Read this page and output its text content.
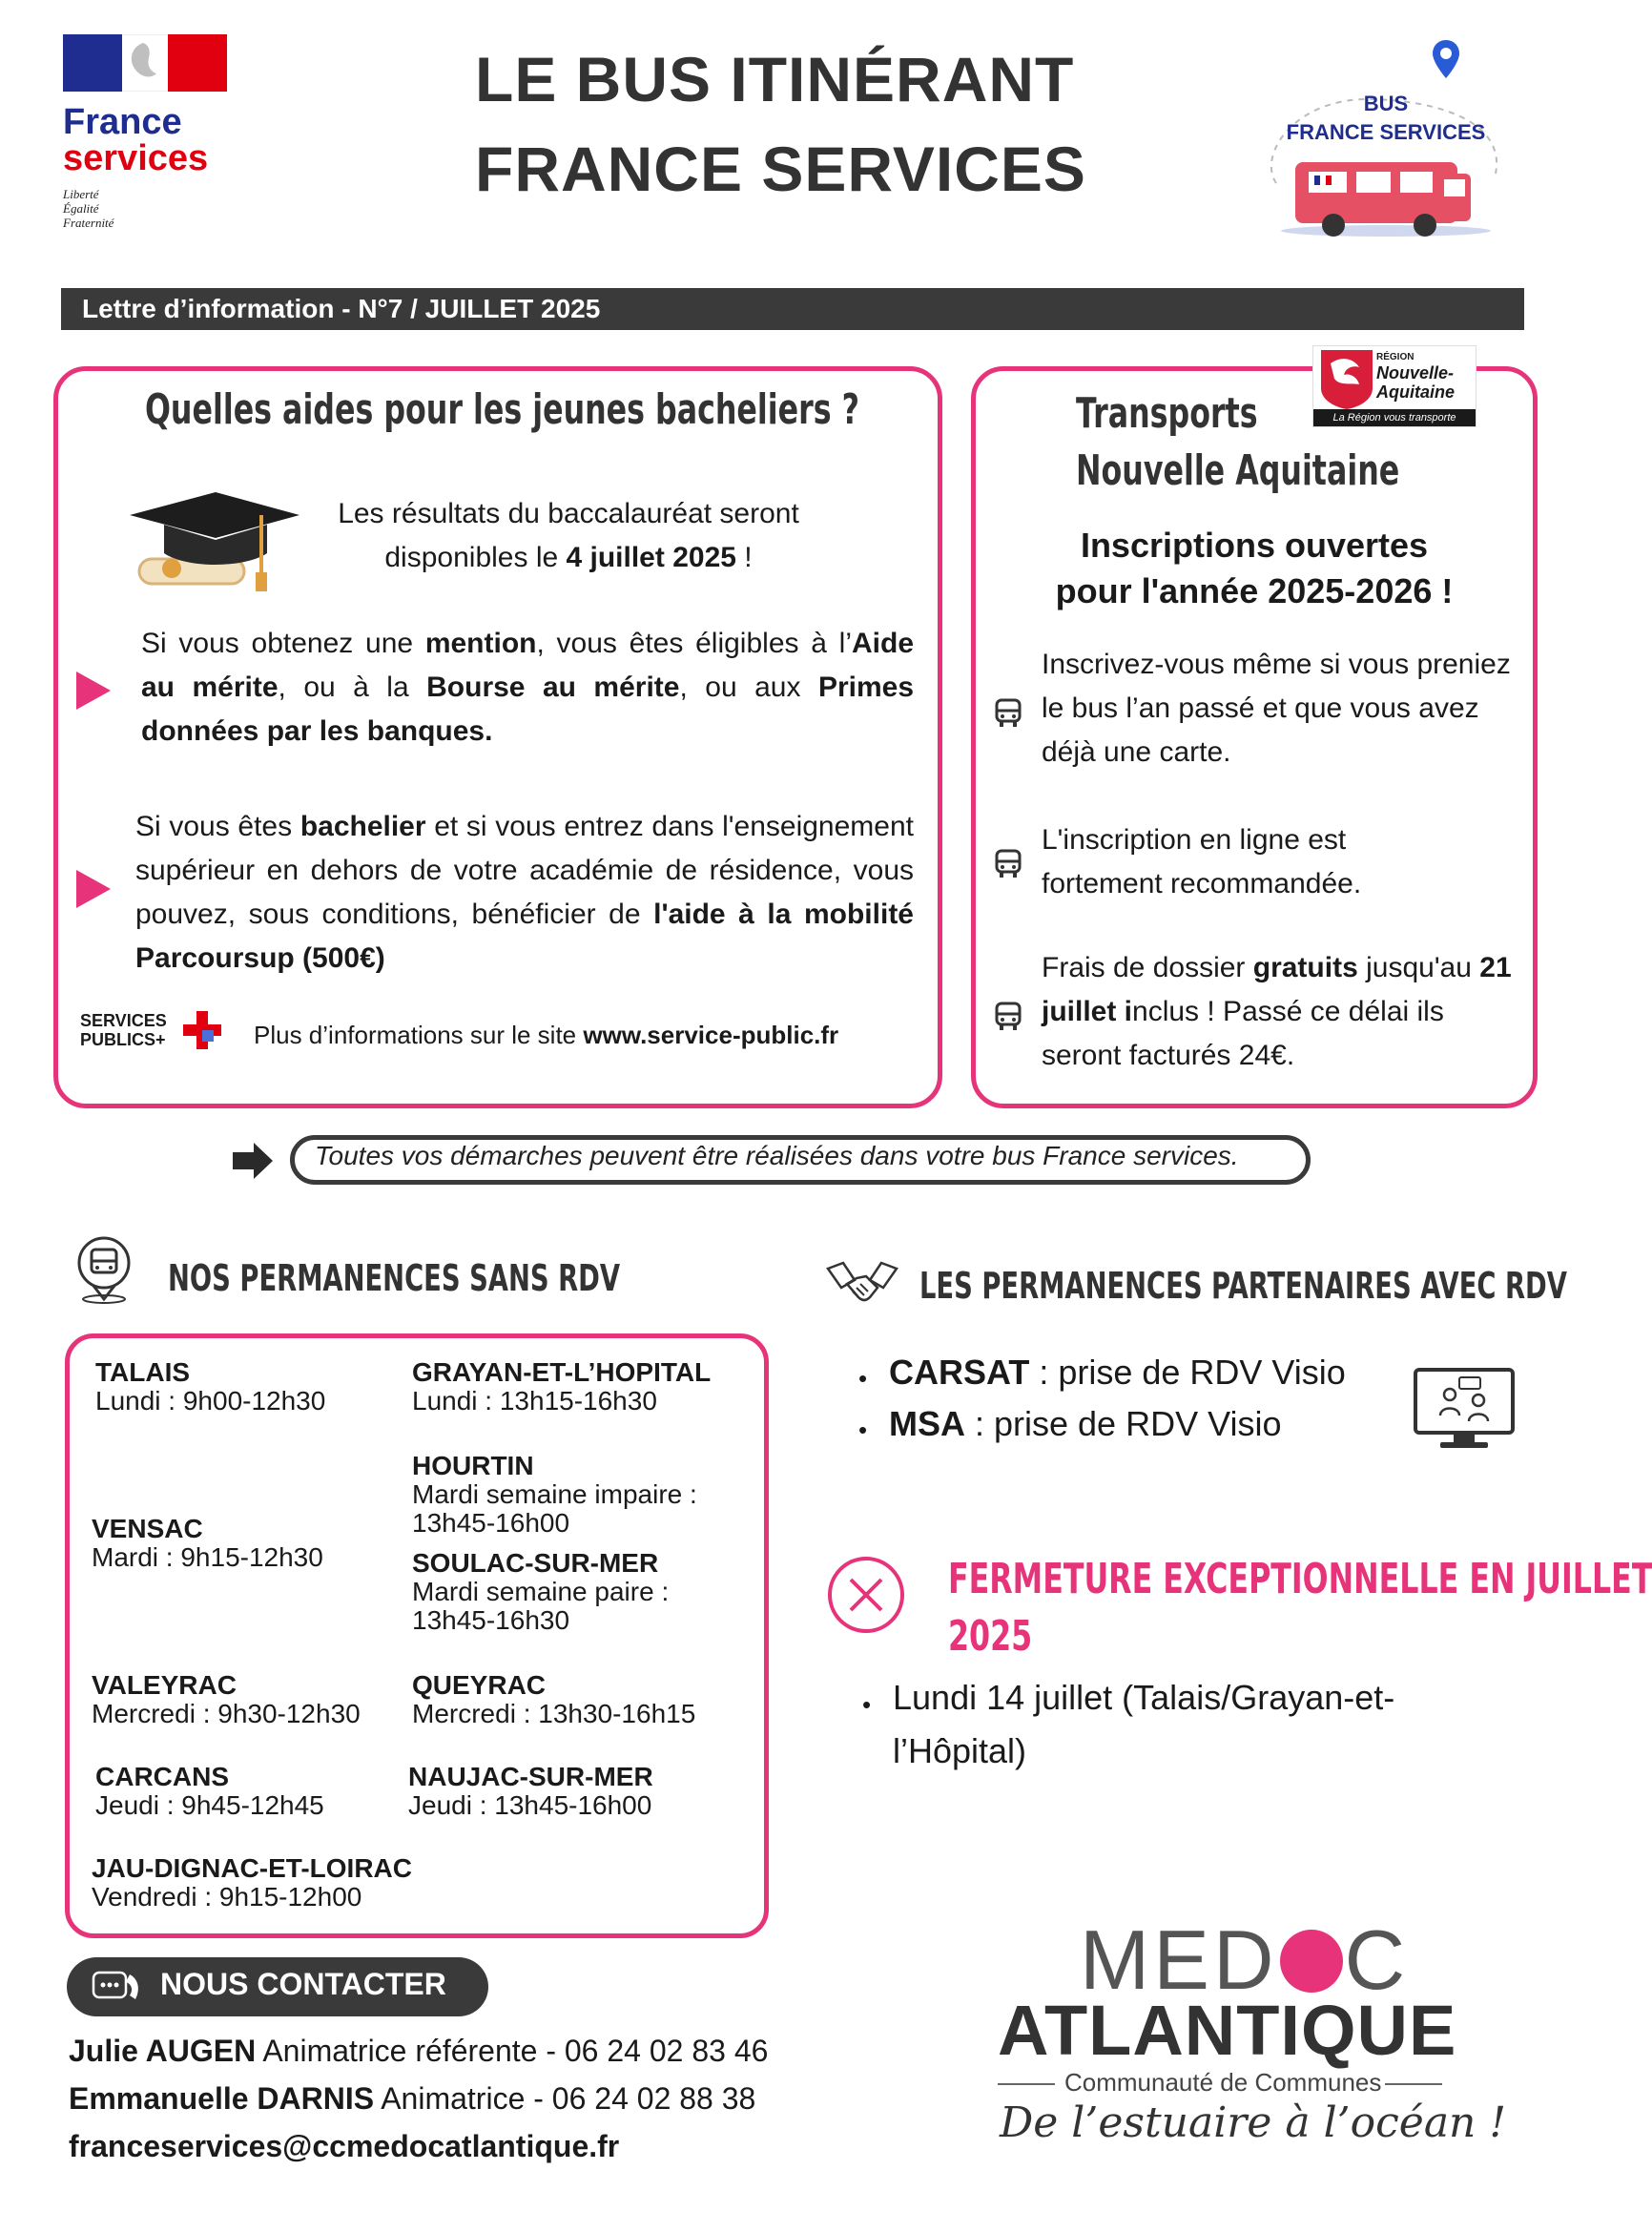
France
services
Liberté
Égalité
Fraternité
LE BUS ITINÉRANT
FRANCE SERVICES
BUS
FRANCE SERVICES
Lettre d’information - N°7 / JUILLET 2025
Quelles aides pour les jeunes bacheliers ?
Les résultats du baccalauréat seront
disponibles le 4 juillet 2025 !
Si vous obtenez une mention, vous êtes éligibles à l’Aide au mérite, ou à la Bourse au mérite, ou aux Primes données par les banques.
Si vous êtes bachelier et si vous entrez dans l'enseignement supérieur en dehors de votre académie de résidence, vous pouvez, sous conditions, bénéficier de l'aide à la mobilité Parcoursup (500€)
SERVICES
PUBLICS+	Plus d’informations sur le site www.service-public.fr
Transports
Nouvelle Aquitaine
RÉGION
Nouvelle-Aquitaine
La Région vous transporte
Inscriptions ouvertes
pour l'année 2025-2026 !
Inscrivez-vous même si vous preniez le bus l’an passé et que vous avez déjà une carte.
L'inscription en ligne est fortement recommandée.
Frais de dossier gratuits jusqu'au 21 juillet inclus ! Passé ce délai ils seront facturés 24€.
Toutes vos démarches peuvent être réalisées dans votre bus France services.
NOS PERMANENCES SANS RDV
TALAIS
Lundi : 9h00-12h30
GRAYAN-ET-L’HOPITAL
Lundi : 13h15-16h30
HOURTIN
Mardi semaine impaire :
13h45-16h00
VENSAC
Mardi : 9h15-12h30	SOULAC-SUR-MER
Mardi semaine paire :
13h45-16h30
VALEYRAC
Mercredi : 9h30-12h30
QUEYRAC
Mercredi : 13h30-16h15
CARCANS
Jeudi : 9h45-12h45
NAUJAC-SUR-MER
Jeudi : 13h45-16h00
JAU-DIGNAC-ET-LOIRAC
Vendredi : 9h15-12h00
LES PERMANENCES PARTENAIRES AVEC RDV
• CARSAT : prise de RDV Visio
• MSA : prise de RDV Visio
FERMETURE EXCEPTIONNELLE EN JUILLET
2025
• Lundi 14 juillet (Talais/Grayan-et-
l’Hôpital)
NOUS CONTACTER
Julie AUGEN Animatrice référente - 06 24 02 83 46
Emmanuelle DARNIS Animatrice - 06 24 02 88 38
franceservices@ccmedocatlantique.fr
MED C
ATLANTIQUE
Communauté de Communes
De l’estuaire à l’océan !
